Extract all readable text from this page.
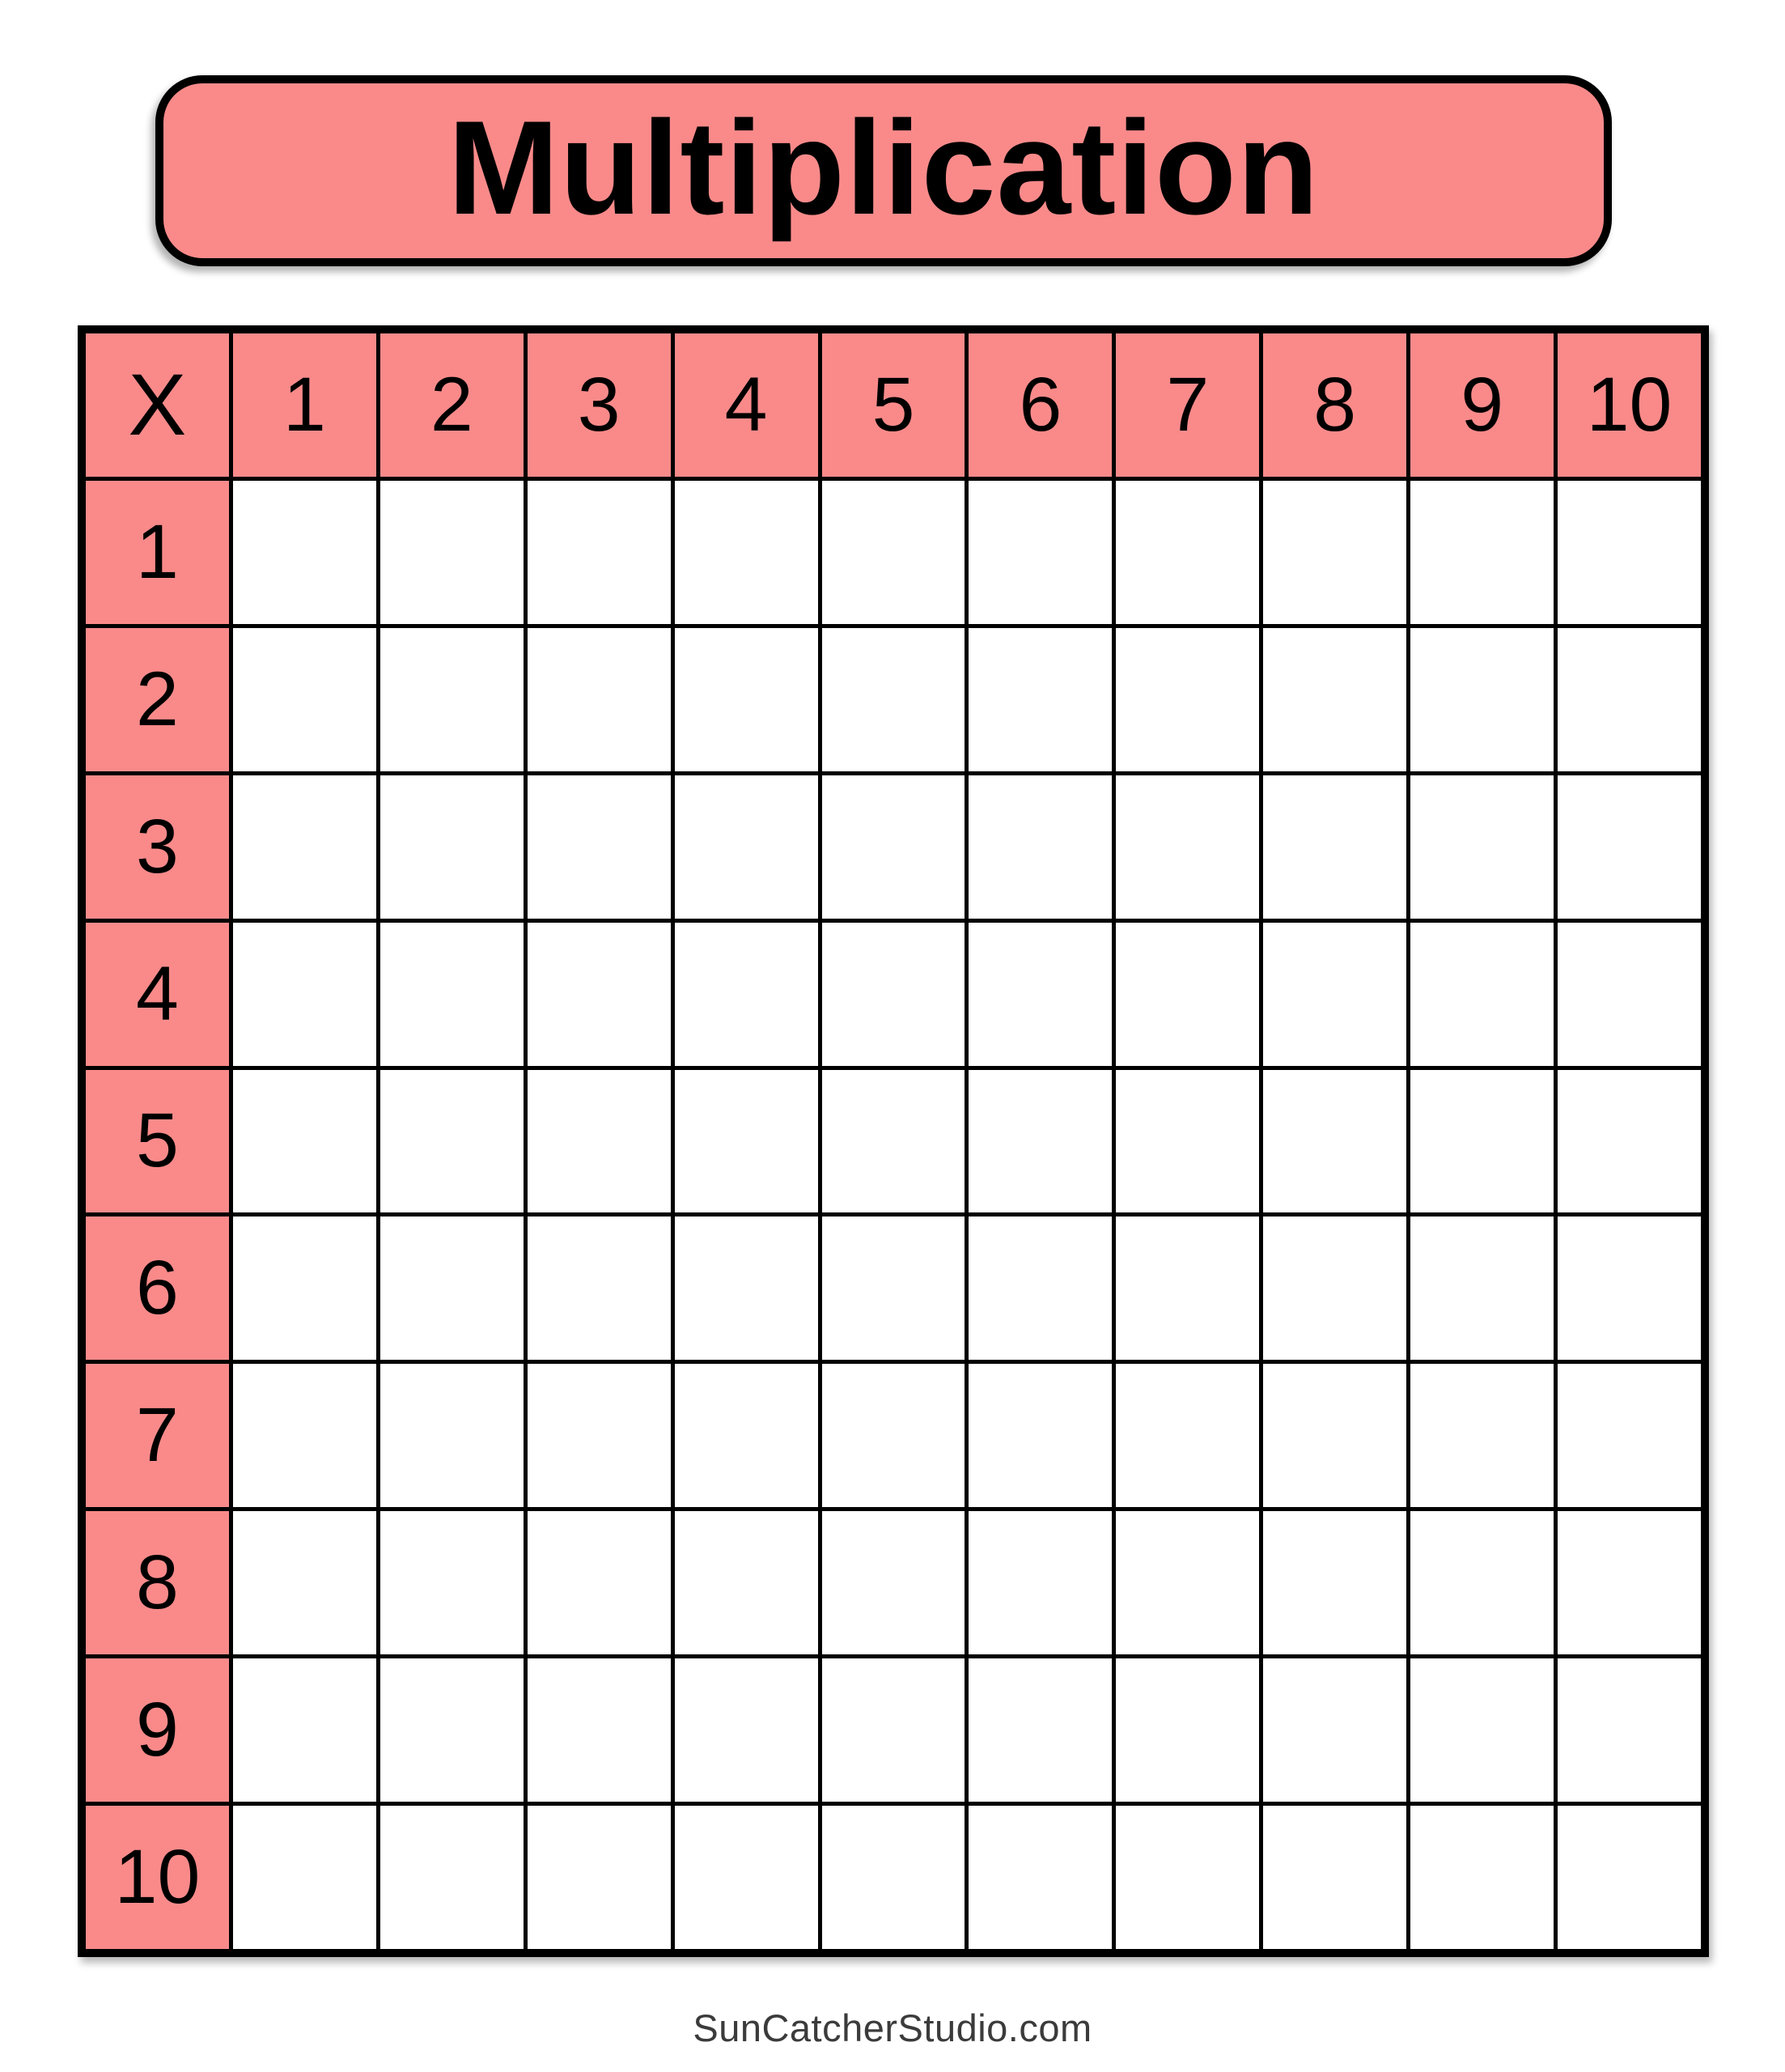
Multiplication
X	1	2	3	4	5	6	7	8	9	10
1
2
3
4
5
6
7
8
9
10
SunCatcherStudio.com
